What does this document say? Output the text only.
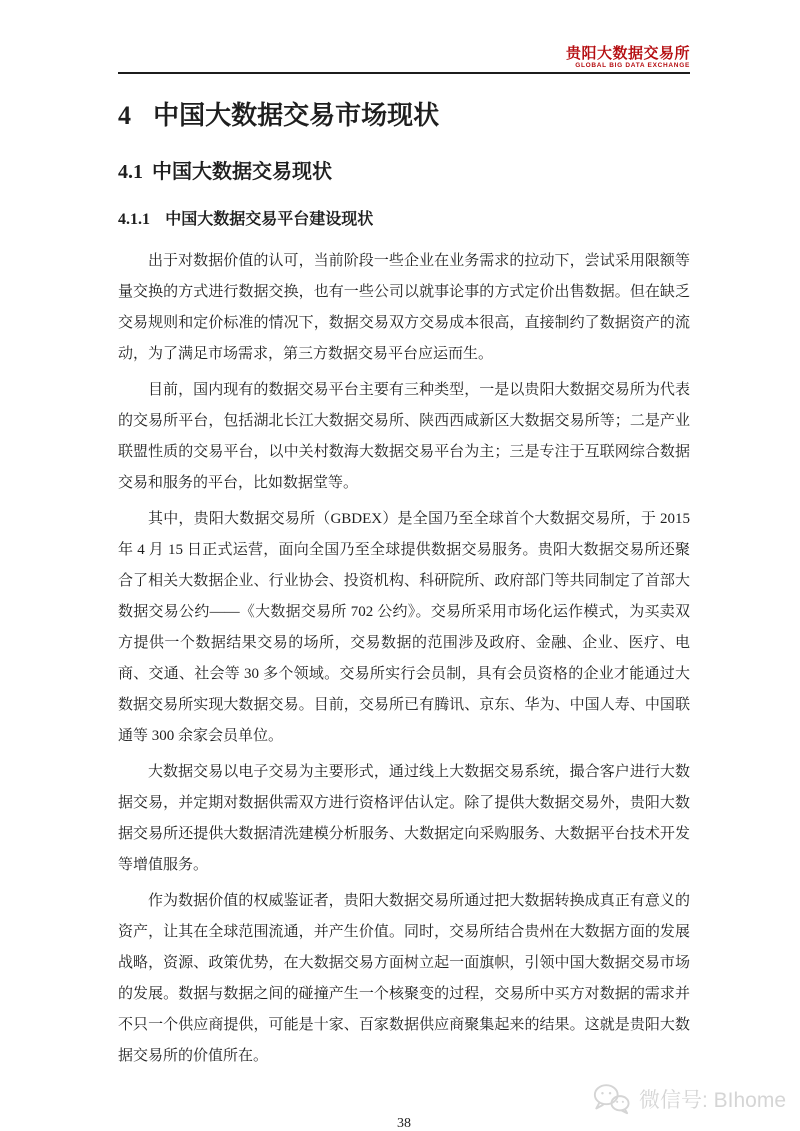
贵阳大数据交易所
GLOBAL BIG DATA EXCHANGE
4 中国大数据交易市场现状
4.1 中国大数据交易现状
4.1.1 中国大数据交易平台建设现状

出于对数据价值的认可，当前阶段一些企业在业务需求的拉动下，尝试采用限额等量交换的方式进行数据交换，也有一些公司以就事论事的方式定价出售数据。但在缺乏交易规则和定价标准的情况下，数据交易双方交易成本很高，直接制约了数据资产的流动，为了满足市场需求，第三方数据交易平台应运而生。

目前，国内现有的数据交易平台主要有三种类型，一是以贵阳大数据交易所为代表的交易所平台，包括湖北长江大数据交易所、陕西西咸新区大数据交易所等；二是产业联盟性质的交易平台，以中关村数海大数据交易平台为主；三是专注于互联网综合数据交易和服务的平台，比如数据堂等。

其中，贵阳大数据交易所（GBDEX）是全国乃至全球首个大数据交易所，于 2015 年 4 月 15 日正式运营，面向全国乃至全球提供数据交易服务。贵阳大数据交易所还聚合了相关大数据企业、行业协会、投资机构、科研院所、政府部门等共同制定了首部大数据交易公约——《大数据交易所 702 公约》。交易所采用市场化运作模式，为买卖双方提供一个数据结果交易的场所，交易数据的范围涉及政府、金融、企业、医疗、电商、交通、社会等 30 多个领域。交易所实行会员制，具有会员资格的企业才能通过大数据交易所实现大数据交易。目前，交易所已有腾讯、京东、华为、中国人寿、中国联通等 300 余家会员单位。

大数据交易以电子交易为主要形式，通过线上大数据交易系统，撮合客户进行大数据交易，并定期对数据供需双方进行资格评估认定。除了提供大数据交易外，贵阳大数据交易所还提供大数据清洗建模分析服务、大数据定向采购服务、大数据平台技术开发等增值服务。

作为数据价值的权威鉴证者，贵阳大数据交易所通过把大数据转换成真正有意义的资产，让其在全球范围流通，并产生价值。同时，交易所结合贵州在大数据方面的发展战略，资源、政策优势，在大数据交易方面树立起一面旗帜，引领中国大数据交易市场的发展。数据与数据之间的碰撞产生一个核聚变的过程，交易所中买方对数据的需求并不只一个供应商提供，可能是十家、百家数据供应商聚集起来的结果。这就是贵阳大数据交易所的价值所在。

38
微信号: BIhome
